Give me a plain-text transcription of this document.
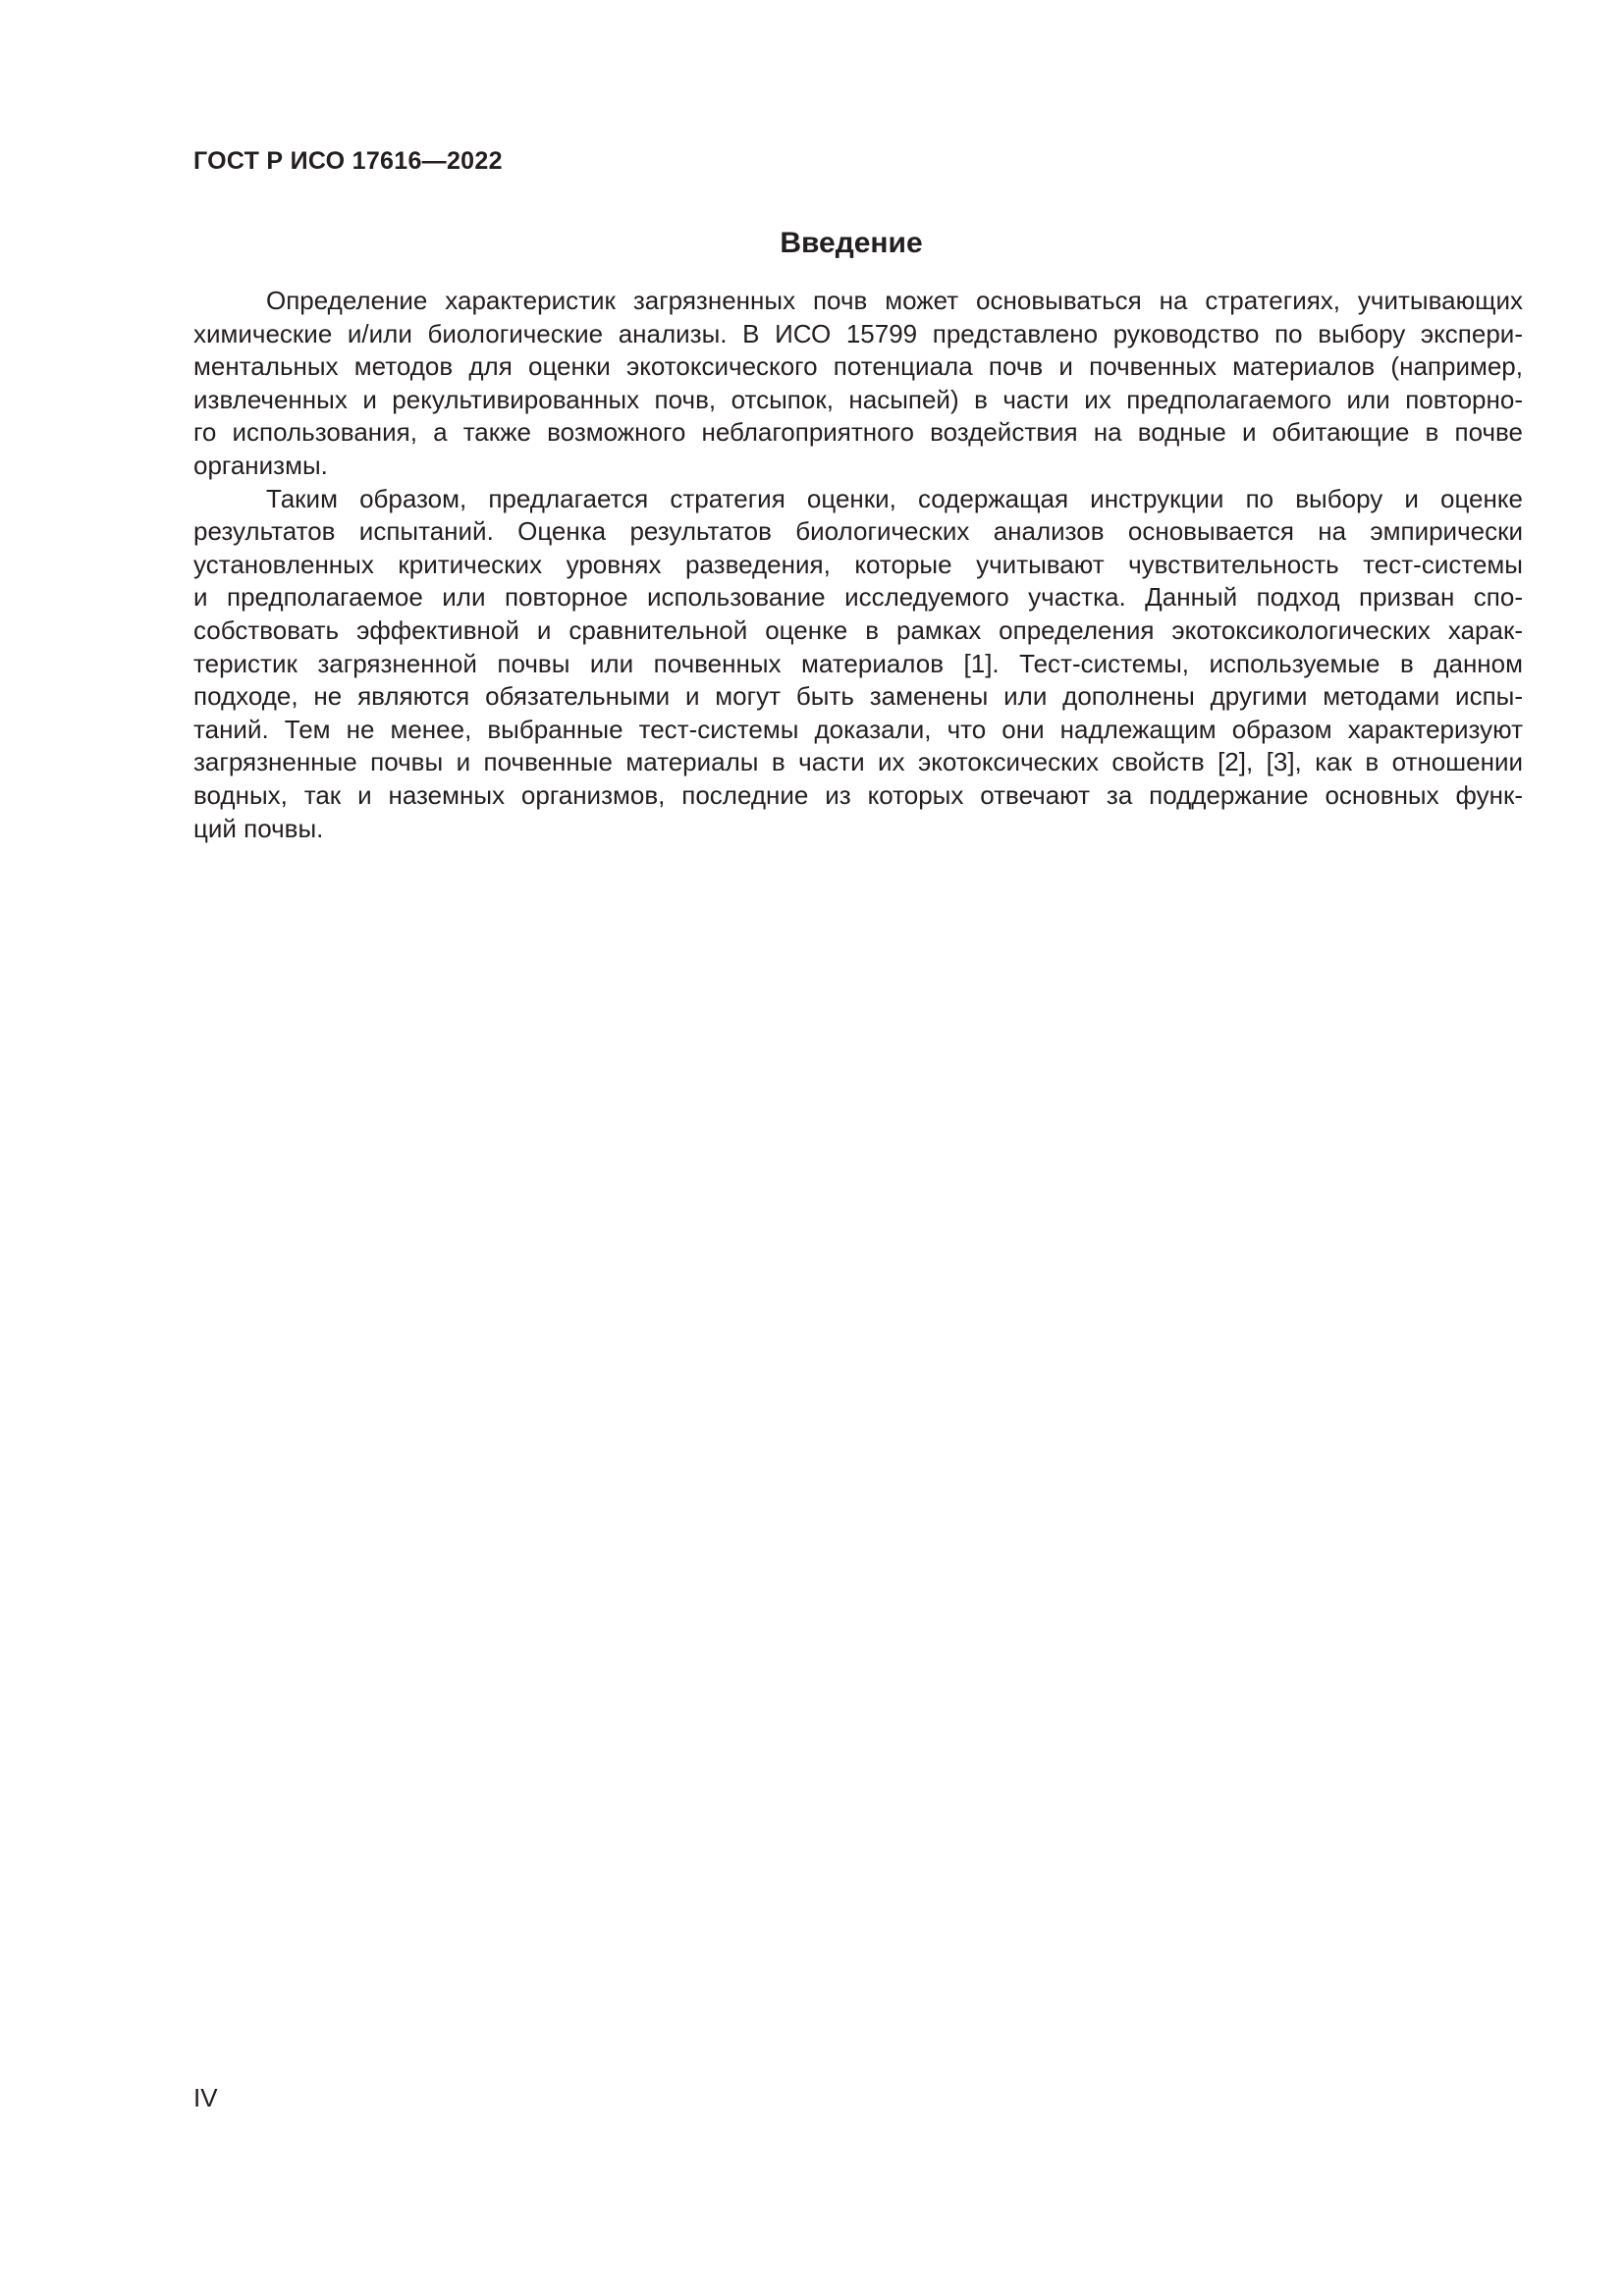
ГОСТ Р ИСО 17616—2022
Введение
Определение характеристик загрязненных почв может основываться на стратегиях, учитывающих
химические и/или биологические анализы. В ИСО 15799 представлено руководство по выбору экспери-
ментальных методов для оценки экотоксического потенциала почв и почвенных материалов (например,
извлеченных и рекультивированных почв, отсыпок, насыпей) в части их предполагаемого или повторно-
го использования, а также возможного неблагоприятного воздействия на водные и обитающие в почве
организмы.
Таким образом, предлагается стратегия оценки, содержащая инструкции по выбору и оценке
результатов испытаний. Оценка результатов биологических анализов основывается на эмпирически
установленных критических уровнях разведения, которые учитывают чувствительность тест-системы
и предполагаемое или повторное использование исследуемого участка. Данный подход призван спо-
собствовать эффективной и сравнительной оценке в рамках определения экотоксикологических харак-
теристик загрязненной почвы или почвенных материалов [1]. Тест-системы, используемые в данном
подходе, не являются обязательными и могут быть заменены или дополнены другими методами испы-
таний. Тем не менее, выбранные тест-системы доказали, что они надлежащим образом характеризуют
загрязненные почвы и почвенные материалы в части их экотоксических свойств [2], [3], как в отношении
водных, так и наземных организмов, последние из которых отвечают за поддержание основных функ-
ций почвы.
IV
